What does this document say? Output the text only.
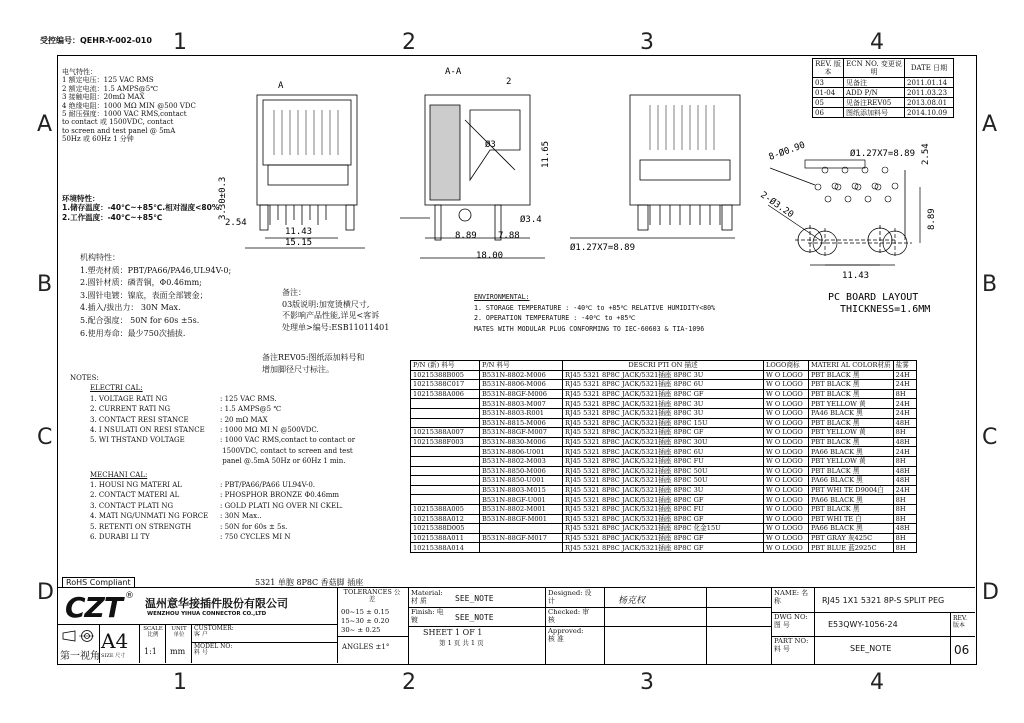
受控编号：QEHR-Y-002-010 1	2	3	4
1	2	3	4
A
B
C
D
A
B
C
D
REV. 版本	ECN NO. 变更说明	DATE 日期
03	见备注	2011.01.14
01-04	ADD P/N	2011.03.23
05	见备注REV05	2013.08.01
06	图纸添加料号	2014.10.09
电气特性：
1 额定电压：125 VAC RMS
2 额定电流：1.5 AMPS@5℃
3 接触电阻：20mΩ MAX
4 绝缘电阻：1000 MΩ MIN @500 VDC
5 耐压强度：1000 VAC RMS,contact
to contact 或 1500VDC, contact
to screen and test panel @ 5mA
50Hz 或 60Hz 1 分钟
环境特性：
1.储存温度：-40℃~+85℃.相对湿度<80%.
2.工作温度：-40℃~+85℃
机构特性：
1.塑壳材质：PBT/PA66/PA46,UL94V-0;
2.圆针材质：磷青铜，Φ0.46mm;
3.圆针电镀：镍底，表面全部镀金；
4.插入/拔出力： 30N Max.
5.配合强度： 50N for 60s ±5s.
6.使用寿命：最少750次插拔.
备注：
03版说明:加宽烫横尺寸,
不影响产品性能,详见<客诉
处理单>编号:ESB11011401
备注REV05:图纸添加料号和
增加脚径尺寸标注。
ENVIRONMENTAL:
1. STORAGE TEMPERATURE : -40℃ to +85℃ RELATIVE HUMIDITY<80%
2. OPERATION TEMPERATURE : -40℃ to +85℃
MATES WITH MODULAR PLUG CONFORMING TO IEC-60603 & TIA-1096
NOTES:
ELECTRI CAL:
1. VOLTAGE RATI NG	: 125 VAC RMS.
2. CURRENT RATI NG	: 1.5 AMPS@5 ℃
3. CONTACT RESI STANCE	: 20 mΩ MAX
4. I NSULATI ON RESI STANCE : 1000 MΩ MI N @500VDC.
5. WI THSTAND VOLTAGE	: 1000 VAC RMS,contact to contact or
1500VDC, contact to screen and test
panel @.5mA 50Hz or 60Hz 1 min.
MECHANI CAL:
1. HOUSI NG MATERI AL	: PBT/PA66/PA66 UL94V-0.
2. CONTACT MATERI AL	: PHOSPHOR BRONZE Φ0.46mm
3. CONTACT PLATI NG	: GOLD PLATI NG OVER NI CKEL.
4. MATI NG/UNMATI NG FORCE : 30N Max..
5. RETENTI ON STRENGTH	: 50N for 60s ± 5s.
6. DURABI LI TY	: 750 CYCLES MI N
P/N (新) 料号	P/N 料号	DESCRI PTI ON 描述	LOGO商标	MATERI AL COLOR材质	盐雾
10215388B005	B531N-8802-M006	RJ45 5321 8P8C JACK/5321插座 8P8C 3U	W O LOGO	PBT BLACK 黑	24H
10215388C017	B531N-8806-M006	RJ45 5321 8P8C JACK/5321插座 8P8C 6U	W O LOGO	PBT BLACK 黑	24H
10215388A006	B531N-88GF-M006	RJ45 5321 8P8C JACK/5321插座 8P8C GF	W O LOGO	PBT BLACK 黑	8H
	B531N-8803-M007	RJ45 5321 8P8C JACK/5321插座 8P8C 3U	W O LOGO	PBT YELLOW 黄	24H
	B531N-8803-R001	RJ45 5321 8P8C JACK/5321插座 8P8C 3U	W O LOGO	PA46 BLACK 黑	24H
	B531N-8815-M006	RJ45 5321 8P8C JACK/5321插座 8P8C 15U	W O LOGO	PBT BLACK 黑	48H
10215388A007	B531N-88GF-M007	RJ45 5321 8P8C JACK/5321插座 8P8C GF	W O LOGO	PBT YELLOW 黄	8H
10215388F003	B531N-8830-M006	RJ45 5321 8P8C JACK/5321插座 8P8C 30U	W O LOGO	PBT BLACK 黑	48H
	B531N-8806-U001	RJ45 5321 8P8C JACK/5321插座 8P8C 6U	W O LOGO	PA66 BLACK 黑	24H
	B531N-8802-M003	RJ45 5321 8P8C JACK/5321插座 8P8C FU	W O LOGO	PBT YELLOW 黄	8H
	B531N-8850-M006	RJ45 5321 8P8C JACK/5321插座 8P8C 50U	W O LOGO	PBT BLACK 黑	48H
	B531N-8850-U001	RJ45 5321 8P8C JACK/5321插座 8P8C 50U	W O LOGO	PA66 BLACK 黑	48H
	B531N-8803-M015	RJ45 5321 8P8C JACK/5321插座 8P8C 3U	W O LOGO	PBT WHI TE D9004白	24H
	B531N-88GF-U001	RJ45 5321 8P8C JACK/5321插座 8P8C GF	W O LOGO	PA66 BLACK 黑	8H
10215388A005	B531N-8802-M001	RJ45 5321 8P8C JACK/5321插座 8P8C FU	W O LOGO	PBT BLACK 黑	8H
10215388A012	B531N-88GF-M001	RJ45 5321 8P8C JACK/5321插座 8P8C GF	W O LOGO	PBT WHI TE 白	8H
10215388D005		RJ45 5321 8P8C JACK/5321插座 8P8C 化金15U	W O LOGO	PA66 BLACK 黑	48H
10215388A011	B531N-88GF-M017	RJ45 5321 8P8C JACK/5321插座 8P8C GF	W O LOGO	PBT GRAY 灰425C	8H
10215388A014		RJ45 5321 8P8C JACK/5321插座 8P8C GF	W O LOGO	PBT BLUE 蓝2925C	8H
RoHS Compliant	5321 单胞 8P8C 香菇脚 插座
CZT ®
温州意华接插件股份有限公司
WENZHOU YIHUA CONNECTOR CO.,LTD
第一视角
A4
SIZE 尺寸
SCALE 比例
1:1
UNIT 单位
mm
CUSTOMER: 客 户
MODEL NO: 料 号
TOLERANCES 公 差
00~15 ± 0.15
15~30 ± 0.20
30~ ± 0.25
ANGLES ±1°
Material: 材 质	SEE_NOTE
Finish: 电 镀	SEE_NOTE
SHEET 1 OF 1
第 1 页 共 1 页
Designed: 设 计	杨克权
Checked: 审 核
Approved: 核 准
NAME: 名 称	RJ45 1X1 5321 8P-S SPLIT PEG
DWG NO: 图 号	E53QWY-1056-24
PART NO: 料 号	SEE_NOTE
REV. 版本
06
A
11.43
15.15
3.30±0.3
2.54
A-A
2
8.89 7.88
18.00
11.65
Ø3
Ø3.4
Ø1.27X7=8.89
Ø1.27X7=8.89 2.54
8-Ø0.90
2-Ø3.20	8.89
11.43
PC BOARD LAYOUT
THICKNESS=1.6MM
